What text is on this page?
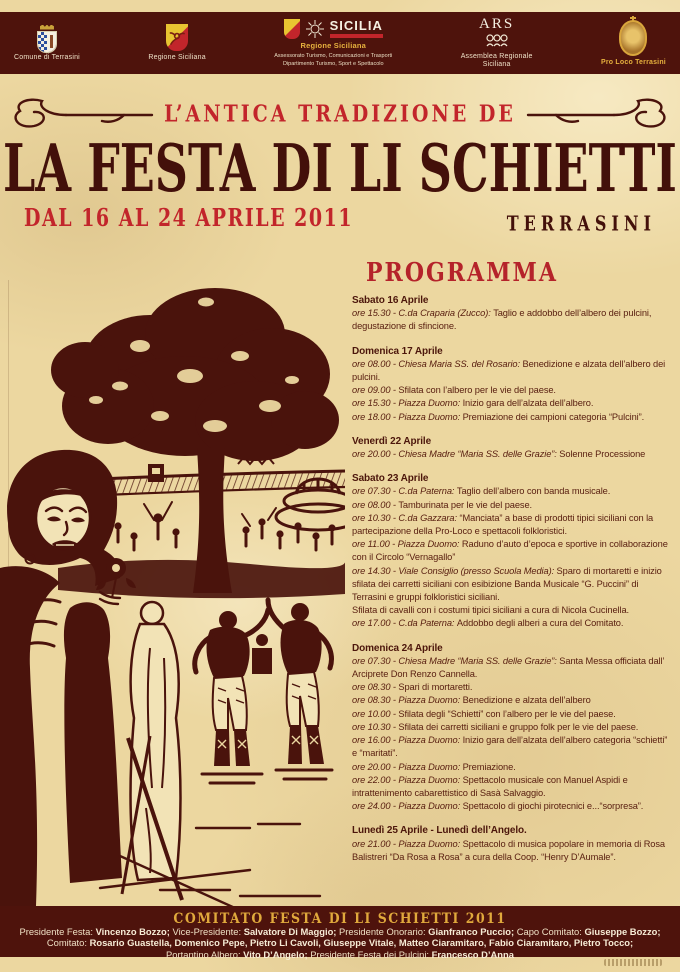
Comune di Terrasini	Regione Siciliana
SICILIA
Regione Siciliana
Assessorato Turismo, Comunicazioni e Trasporti
Dipartimento Turismo, Sport e Spettacolo
ARS
Assemblea Regionale
Siciliana	Pro Loco Terrasini
L’ANTICA TRADIZIONE DE
LA FESTA DI LI SCHIETTI
DAL 16 AL 24 APRILE 2011	TERRASINI
PROGRAMMA
Sabato 16 Aprile

ore 15.30 - C.da Craparia (Zucco): Taglio e addobbo dell’albero dei pulcini, degustazione di sfincione.

Domenica 17 Aprile

ore 08.00 - Chiesa Maria SS. del Rosario: Benedizione e alzata dell’albero dei pulcini.

ore 09.00 - Sfilata con l’albero per le vie del paese.

ore 15.30 - Piazza Duomo: Inizio gara dell’alzata dell’albero.

ore 18.00 - Piazza Duomo: Premiazione dei campioni categoria “Pulcini”.

Venerdì 22 Aprile

ore 20.00 - Chiesa Madre “Maria SS. delle Grazie”: Solenne Processione

Sabato 23 Aprile

ore 07.30 - C.da Paterna: Taglio dell’albero con banda musicale.

ore 08.00 - Tamburinata per le vie del paese.

ore 10.30 - C.da Gazzara: “Manciata” a base di prodotti tipici siciliani con la partecipazione della Pro-Loco e spettacoli folkloristici.

ore 11.00 - Piazza Duomo: Raduno d’auto d’epoca e sportive in collaborazione con il Circolo “Vernagallo”

ore 14.30 - Viale Consiglio (presso Scuola Media): Sparo di mortaretti e inizio sfilata dei carretti siciliani con esibizione Banda Musicale “G. Puccini” di Terrasini e gruppi folkloristici siciliani.

Sfilata di cavalli con i costumi tipici siciliani a cura di Nicola Cucinella.

ore 17.00 - C.da Paterna: Addobbo degli alberi a cura del Comitato.

Domenica 24 Aprile

ore 07.30 - Chiesa Madre “Maria SS. delle Grazie”: Santa Messa officiata dall’ Arciprete Don Renzo Cannella.

ore 08.30 - Spari di mortaretti.

ore 08.30 - Piazza Duomo: Benedizione e alzata dell’albero

ore 10.00 - Sfilata degli “Schietti” con l’albero per le vie del paese.

ore 10.30 - Sfilata dei carretti siciliani e gruppo folk per le vie del paese.

ore 16.00 - Piazza Duomo: Inizio gara dell’alzata dell’albero categoria “schietti” e “maritati”.

ore 20.00 - Piazza Duomo: Premiazione.

ore 22.00 - Piazza Duomo: Spettacolo musicale con Manuel Aspidi e intrattenimento cabarettistico di Sasà Salvaggio.

ore 24.00 - Piazza Duomo: Spettacolo di giochi pirotecnici e...“sorpresa”.

Lunedì 25 Aprile - Lunedì dell’Angelo.

ore 21.00 - Piazza Duomo: Spettacolo di musica popolare in memoria di Rosa Balistreri “Da Rosa a Rosa” a cura della Coop. “Henry D’Aumale”.

COMITATO FESTA DI LI SCHIETTI 2011
Presidente Festa: Vincenzo Bozzo; Vice-Presidente: Salvatore Di Maggio; Presidente Onorario: Gianfranco Puccio; Capo Comitato: Giuseppe Bozzo;
Comitato: Rosario Guastella, Domenico Pepe, Pietro Li Cavoli, Giuseppe Vitale, Matteo Ciaramitaro, Fabio Ciaramitaro, Pietro Tocco;
Portantino Albero: Vito D’Angelo; Presidente Festa dei Pulcini: Francesco D’Anna
